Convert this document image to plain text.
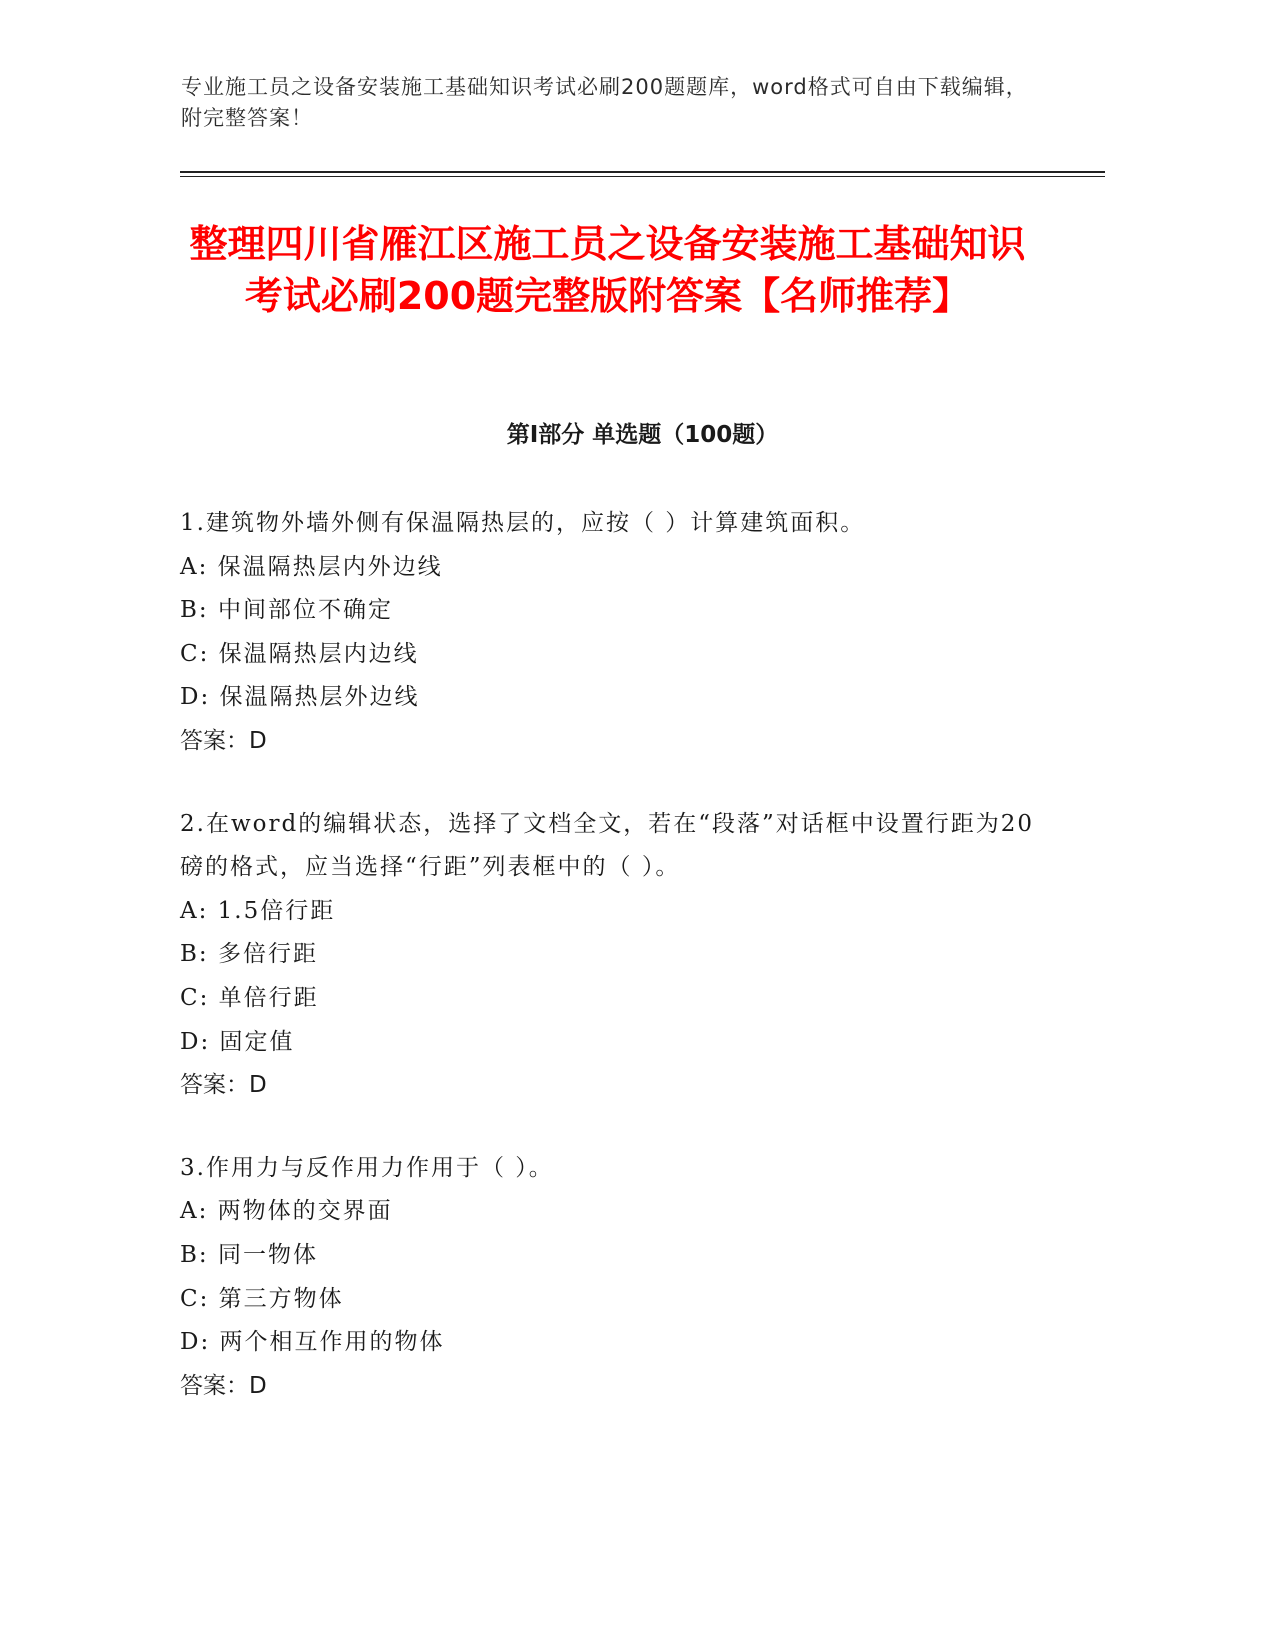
专业施工员之设备安装施工基础知识考试必刷200题题库，word格式可自由下载编辑，附完整答案！
整理四川省雁江区施工员之设备安装施工基础知识考试必刷200题完整版附答案【名师推荐】
第Ⅰ部分 单选题（100题）
1.建筑物外墙外侧有保温隔热层的，应按（ ）计算建筑面积。
A: 保温隔热层内外边线
B: 中间部位不确定
C: 保温隔热层内边线
D: 保温隔热层外边线
答案：D
2.在word的编辑状态，选择了文档全文，若在“段落”对话框中设置行距为20磅的格式，应当选择“行距”列表框中的（ ）。
A: 1.5倍行距
B: 多倍行距
C: 单倍行距
D: 固定值
答案：D
3.作用力与反作用力作用于（ ）。
A: 两物体的交界面
B: 同一物体
C: 第三方物体
D: 两个相互作用的物体
答案：D
